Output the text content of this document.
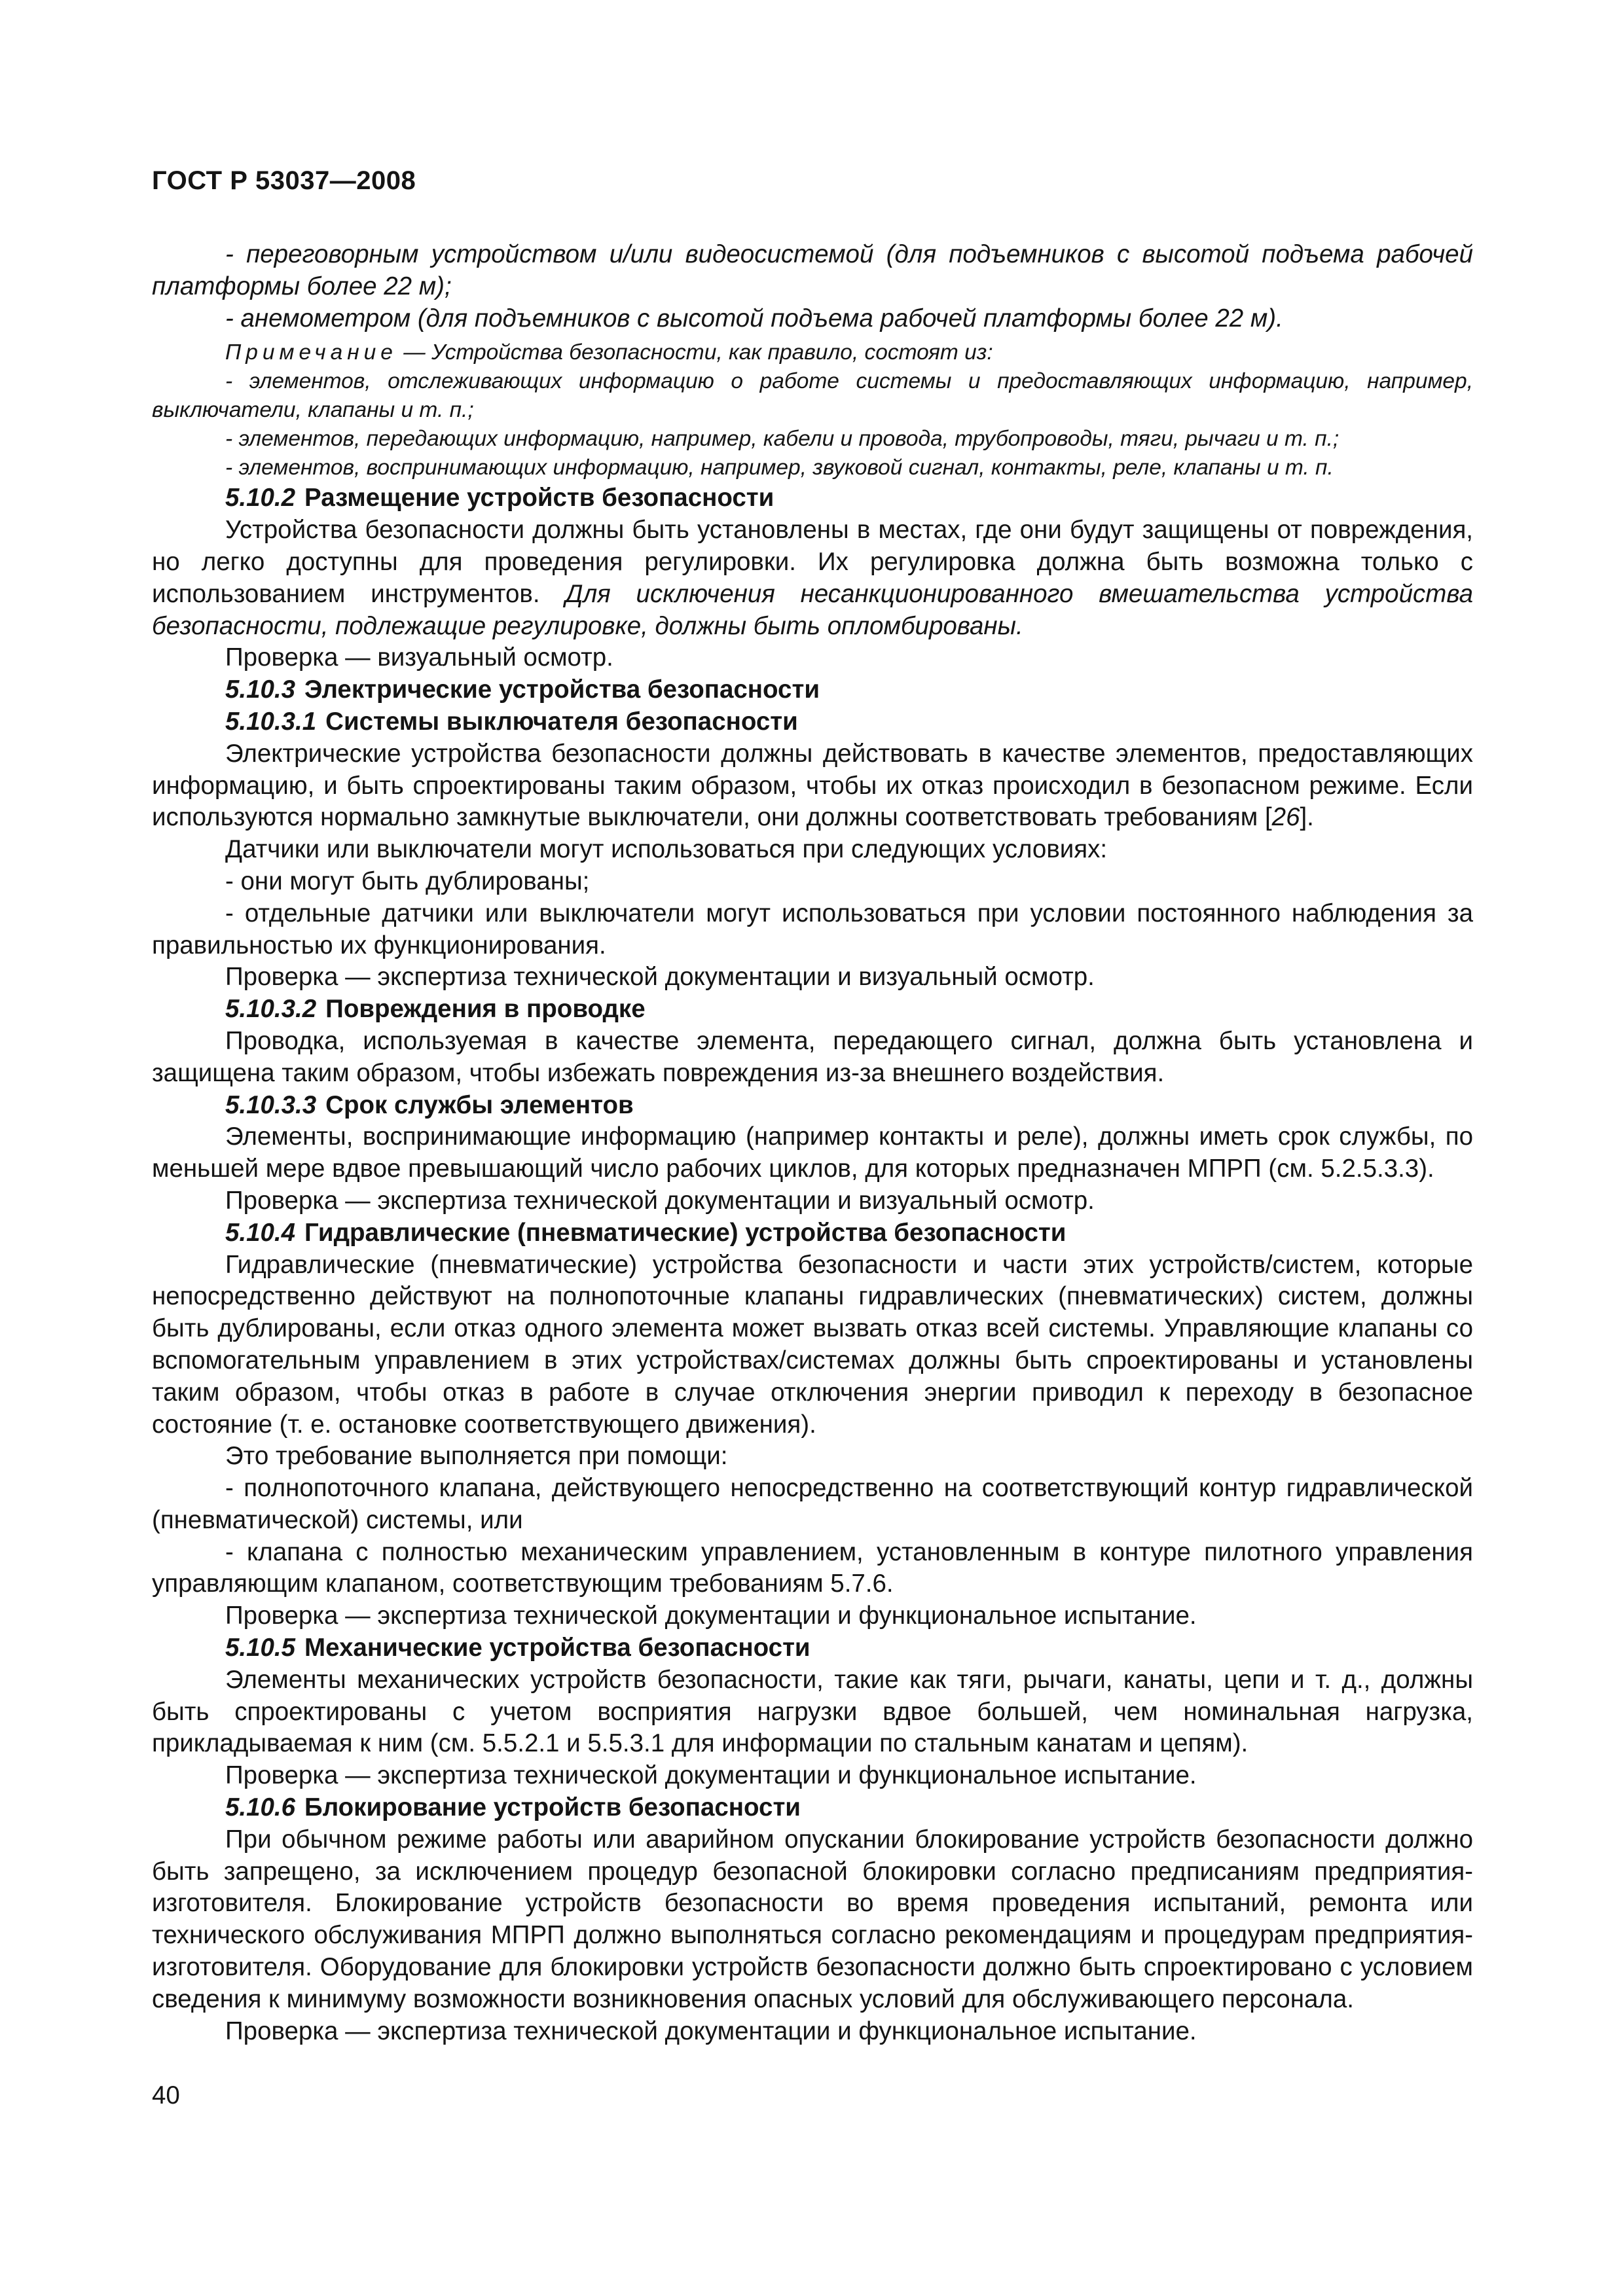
ГОСТ Р 53037—2008

- переговорным устройством и/или видеосистемой (для подъемников с высотой подъема рабочей платформы более 22 м);

- анемометром (для подъемников с высотой подъема рабочей платформы более 22 м).

Примечание — Устройства безопасности, как правило, состоят из:

- элементов, отслеживающих информацию о работе системы и предоставляющих информацию, например, выключатели, клапаны и т. п.;

- элементов, передающих информацию, например, кабели и провода, трубопроводы, тяги, рычаги и т. п.;

- элементов, воспринимающих информацию, например, звуковой сигнал, контакты, реле, клапаны и т. п.

5.10.2 Размещение устройств безопасности

Устройства безопасности должны быть установлены в местах, где они будут защищены от повреждения, но легко доступны для проведения регулировки. Их регулировка должна быть возможна только с использованием инструментов. Для исключения несанкционированного вмешательства устройства безопасности, подлежащие регулировке, должны быть опломбированы.

Проверка — визуальный осмотр.

5.10.3 Электрические устройства безопасности

5.10.3.1 Системы выключателя безопасности

Электрические устройства безопасности должны действовать в качестве элементов, предоставляющих информацию, и быть спроектированы таким образом, чтобы их отказ происходил в безопасном режиме. Если используются нормально замкнутые выключатели, они должны соответствовать требованиям [26].

Датчики или выключатели могут использоваться при следующих условиях:

- они могут быть дублированы;

- отдельные датчики или выключатели могут использоваться при условии постоянного наблюдения за правильностью их функционирования.

Проверка — экспертиза технической документации и визуальный осмотр.

5.10.3.2 Повреждения в проводке

Проводка, используемая в качестве элемента, передающего сигнал, должна быть установлена и защищена таким образом, чтобы избежать повреждения из-за внешнего воздействия.

5.10.3.3 Срок службы элементов

Элементы, воспринимающие информацию (например контакты и реле), должны иметь срок службы, по меньшей мере вдвое превышающий число рабочих циклов, для которых предназначен МПРП (см. 5.2.5.3.3).

Проверка — экспертиза технической документации и визуальный осмотр.

5.10.4 Гидравлические (пневматические) устройства безопасности

Гидравлические (пневматические) устройства безопасности и части этих устройств/систем, которые непосредственно действуют на полнопоточные клапаны гидравлических (пневматических) систем, должны быть дублированы, если отказ одного элемента может вызвать отказ всей системы. Управляющие клапаны со вспомогательным управлением в этих устройствах/системах должны быть спроектированы и установлены таким образом, чтобы отказ в работе в случае отключения энергии приводил к переходу в безопасное состояние (т. е. остановке соответствующего движения).

Это требование выполняется при помощи:

- полнопоточного клапана, действующего непосредственно на соответствующий контур гидравлической (пневматической) системы, или

- клапана с полностью механическим управлением, установленным в контуре пилотного управления управляющим клапаном, соответствующим требованиям 5.7.6.

Проверка — экспертиза технической документации и функциональное испытание.

5.10.5 Механические устройства безопасности

Элементы механических устройств безопасности, такие как тяги, рычаги, канаты, цепи и т. д., должны быть спроектированы с учетом восприятия нагрузки вдвое большей, чем номинальная нагрузка, прикладываемая к ним (см. 5.5.2.1 и 5.5.3.1 для информации по стальным канатам и цепям).

Проверка — экспертиза технической документации и функциональное испытание.

5.10.6 Блокирование устройств безопасности

При обычном режиме работы или аварийном опускании блокирование устройств безопасности должно быть запрещено, за исключением процедур безопасной блокировки согласно предписаниям предприятия-изготовителя. Блокирование устройств безопасности во время проведения испытаний, ремонта или технического обслуживания МПРП должно выполняться согласно рекомендациям и процедурам предприятия-изготовителя. Оборудование для блокировки устройств безопасности должно быть спроектировано с условием сведения к минимуму возможности возникновения опасных условий для обслуживающего персонала.

Проверка — экспертиза технической документации и функциональное испытание.

40
